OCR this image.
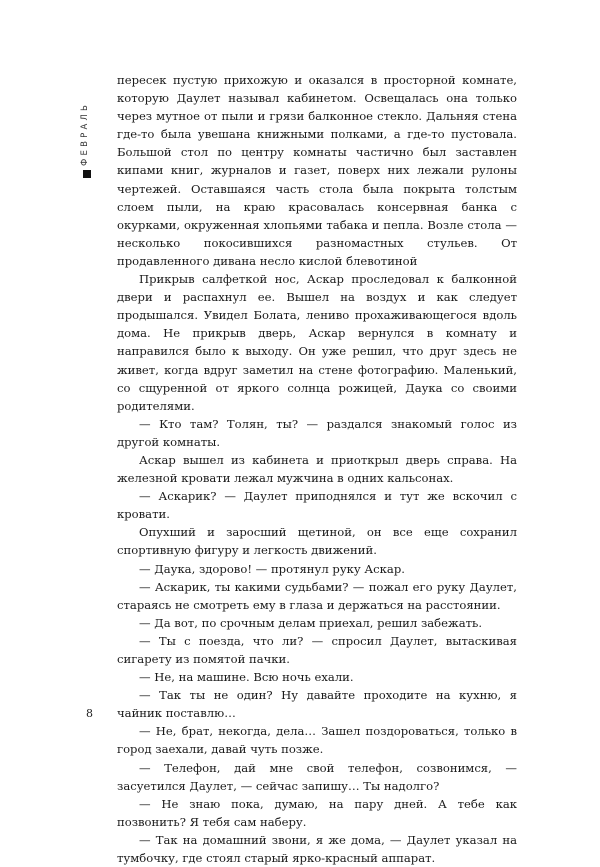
ФЕВРАЛЬ

пересек пустую прихожую и оказался в просторной комнате, которую Даулет называл кабинетом. Освещалась она только через мутное от пыли и грязи балконное стекло. Дальняя стена где-то была увешана книжными полками, а где-то пустовала. Большой стол по центру комнаты частично был заставлен кипами книг, журналов и газет, поверх них лежали рулоны чертежей. Оставшаяся часть стола была покрыта толстым слоем пыли, на краю красовалась консервная банка с окурками, окруженная хлопьями табака и пепла. Возле стола — несколько покосившихся разномастных стульев. От продавленного дивана несло кислой блевотиной

Прикрыв салфеткой нос, Аскар проследовал к балконной двери и распахнул ее. Вышел на воздух и как следует продышался. Увидел Болата, лениво прохаживающегося вдоль дома. Не прикрыв дверь, Аскар вернулся в комнату и направился было к выходу. Он уже решил, что друг здесь не живет, когда вдруг заметил на стене фотографию. Маленький, со сщуренной от яркого солнца рожицей, Даука со своими родителями.

— Кто там? Толян, ты? — раздался знакомый голос из другой комнаты.

Аскар вышел из кабинета и приоткрыл дверь справа. На железной кровати лежал мужчина в одних кальсонах.

— Аскарик? — Даулет приподнялся и тут же вскочил с кровати.

Опухший и заросший щетиной, он все еще сохранил спортивную фигуру и легкость движений.

— Даука, здорово! — протянул руку Аскар.

— Аскарик, ты какими судьбами? — пожал его руку Даулет, стараясь не смотреть ему в глаза и держаться на расстоянии.

— Да вот, по срочным делам приехал, решил забежать.

— Ты с поезда, что ли? — спросил Даулет, вытаскивая сигарету из помятой пачки.

— Не, на машине. Всю ночь ехали.

— Так ты не один? Ну давайте проходите на кухню, я чайник поставлю…

— Не, брат, некогда, дела… Зашел поздороваться, только в город заехали, давай чуть позже.

— Телефон, дай мне свой телефон, созвонимся, — засуетился Даулет, — сейчас запишу… Ты надолго?

— Не знаю пока, думаю, на пару дней. А тебе как позвонить? Я тебя сам наберу.

— Так на домашний звони, я же дома, — Даулет указал на тумбочку, где стоял старый ярко-красный аппарат.

8
